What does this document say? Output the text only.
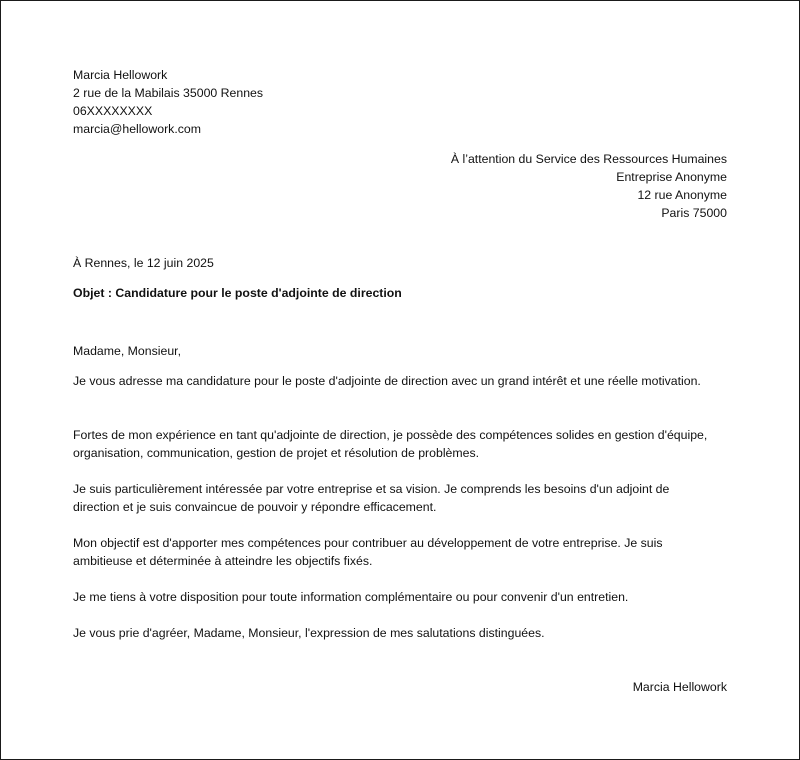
Marcia Hellowork
2 rue de la Mabilais 35000 Rennes
06XXXXXXXX
marcia@hellowork.com
À l’attention du Service des Ressources Humaines
Entreprise Anonyme
12 rue Anonyme
Paris 75000
À Rennes, le 12 juin 2025
Objet : Candidature pour le poste d'adjointe de direction
Madame, Monsieur,

Je vous adresse ma candidature pour le poste d'adjointe de direction avec un grand intérêt et une réelle motivation.

Fortes de mon expérience en tant qu'adjointe de direction, je possède des compétences solides en gestion d'équipe, organisation, communication, gestion de projet et résolution de problèmes.

Je suis particulièrement intéressée par votre entreprise et sa vision. Je comprends les besoins d'un adjoint de direction et je suis convaincue de pouvoir y répondre efficacement.

Mon objectif est d'apporter mes compétences pour contribuer au développement de votre entreprise. Je suis ambitieuse et déterminée à atteindre les objectifs fixés.

Je me tiens à votre disposition pour toute information complémentaire ou pour convenir d'un entretien.

Je vous prie d'agréer, Madame, Monsieur, l'expression de mes salutations distinguées.

Marcia Hellowork
